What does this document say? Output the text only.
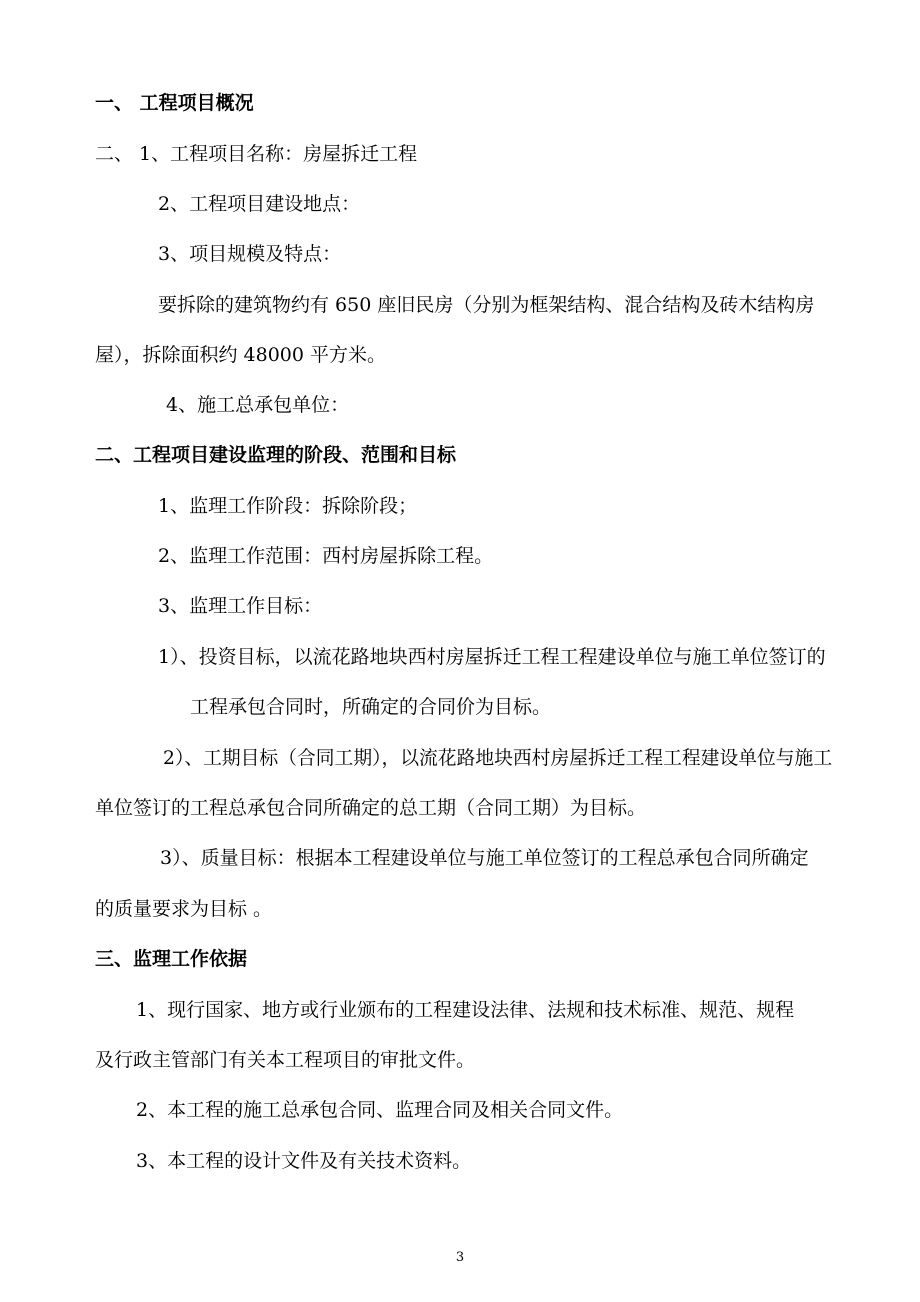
一、 工程项目概况
二、 1、工程项目名称：房屋拆迁工程
2、工程项目建设地点：
3、项目规模及特点：
要拆除的建筑物约有 650 座旧民房（分别为框架结构、混合结构及砖木结构房
屋），拆除面积约 48000 平方米。
4、施工总承包单位：
二、工程项目建设监理的阶段、范围和目标
1、监理工作阶段：拆除阶段；
2、监理工作范围：西村房屋拆除工程。
3、监理工作目标：
1）、投资目标，以流花路地块西村房屋拆迁工程工程建设单位与施工单位签订的
工程承包合同时，所确定的合同价为目标。
2）、工期目标（合同工期），以流花路地块西村房屋拆迁工程工程建设单位与施工
单位签订的工程总承包合同所确定的总工期（合同工期）为目标。
3）、质量目标：根据本工程建设单位与施工单位签订的工程总承包合同所确定
的质量要求为目标 。
三、监理工作依据
1、现行国家、地方或行业颁布的工程建设法律、法规和技术标准、规范、规程
及行政主管部门有关本工程项目的审批文件。
2、本工程的施工总承包合同、监理合同及相关合同文件。
3、本工程的设计文件及有关技术资料。
3
